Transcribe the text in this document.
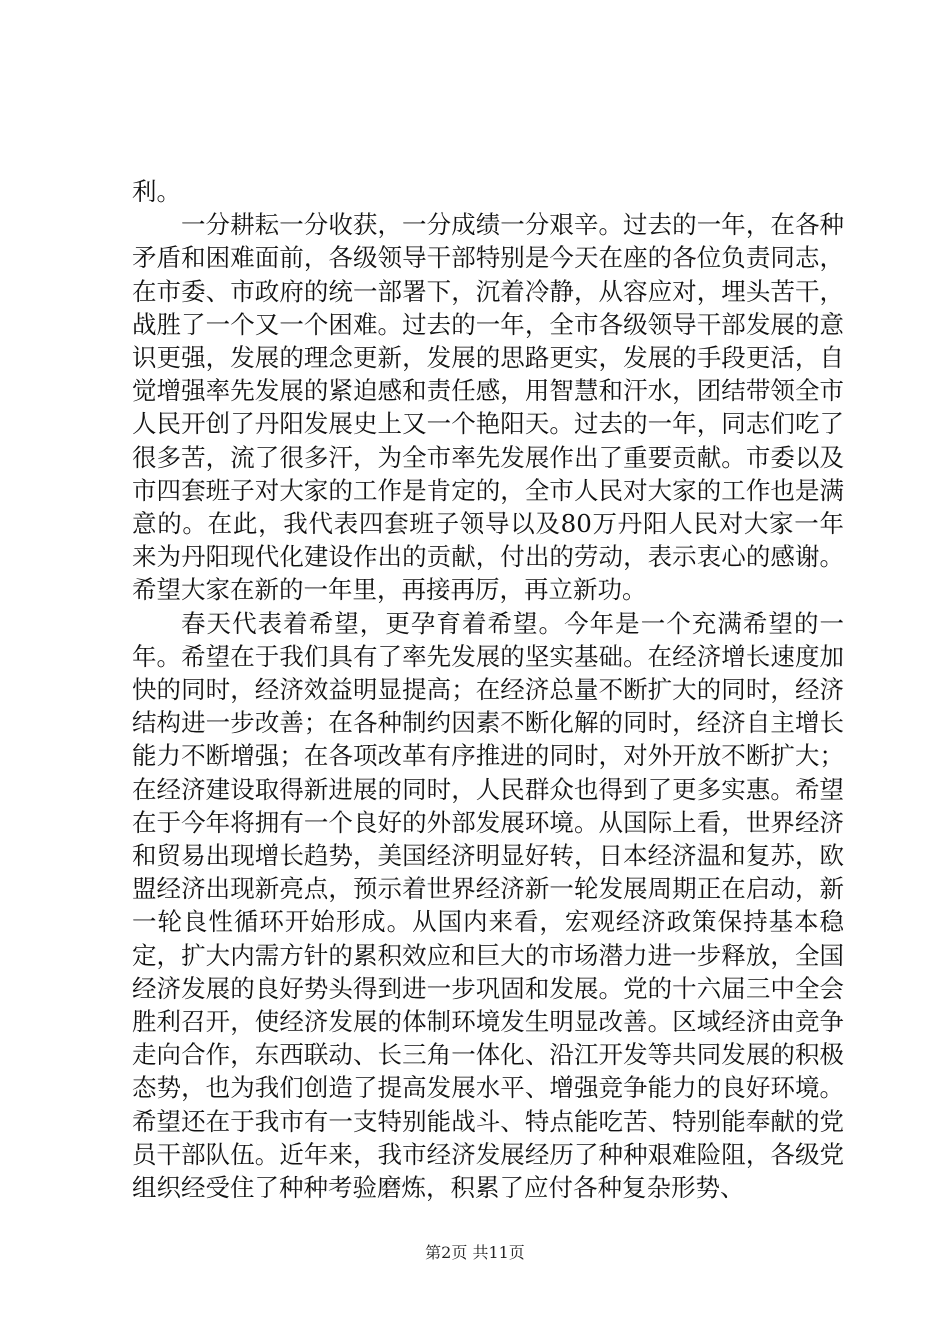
利。

一分耕耘一分收获，一分成绩一分艰辛。过去的一年，在各种矛盾和困难面前，各级领导干部特别是今天在座的各位负责同志，在市委、市政府的统一部署下，沉着冷静，从容应对，埋头苦干，战胜了一个又一个困难。过去的一年，全市各级领导干部发展的意识更强，发展的理念更新，发展的思路更实，发展的手段更活，自觉增强率先发展的紧迫感和责任感，用智慧和汗水，团结带领全市人民开创了丹阳发展史上又一个艳阳天。过去的一年，同志们吃了很多苦，流了很多汗，为全市率先发展作出了重要贡献。市委以及市四套班子对大家的工作是肯定的，全市人民对大家的工作也是满意的。在此，我代表四套班子领导以及80万丹阳人民对大家一年来为丹阳现代化建设作出的贡献，付出的劳动，表示衷心的感谢。希望大家在新的一年里，再接再厉，再立新功。

春天代表着希望，更孕育着希望。今年是一个充满希望的一年。希望在于我们具有了率先发展的坚实基础。在经济增长速度加快的同时，经济效益明显提高；在经济总量不断扩大的同时，经济结构进一步改善；在各种制约因素不断化解的同时，经济自主增长能力不断增强；在各项改革有序推进的同时，对外开放不断扩大；在经济建设取得新进展的同时，人民群众也得到了更多实惠。希望在于今年将拥有一个良好的外部发展环境。从国际上看，世界经济和贸易出现增长趋势，美国经济明显好转，日本经济温和复苏，欧盟经济出现新亮点，预示着世界经济新一轮发展周期正在启动，新一轮良性循环开始形成。从国内来看，宏观经济政策保持基本稳定，扩大内需方针的累积效应和巨大的市场潜力进一步释放，全国经济发展的良好势头得到进一步巩固和发展。党的十六届三中全会胜利召开，使经济发展的体制环境发生明显改善。区域经济由竞争走向合作，东西联动、长三角一体化、沿江开发等共同发展的积极态势，也为我们创造了提高发展水平、增强竞争能力的良好环境。希望还在于我市有一支特别能战斗、特点能吃苦、特别能奉献的党员干部队伍。近年来，我市经济发展经历了种种艰难险阻，各级党组织经受住了种种考验磨炼，积累了应付各种复杂形势、

第2页 共11页
